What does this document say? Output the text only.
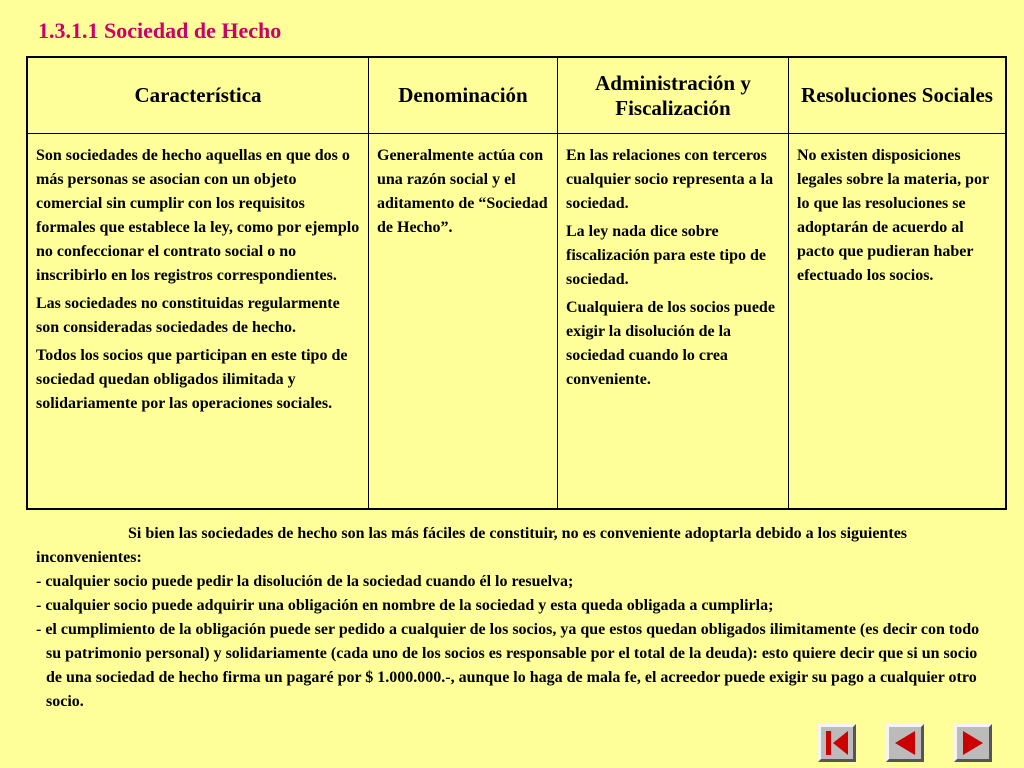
1.3.1.1 Sociedad de Hecho
Característica	Denominación
Administración y Fiscalización
Resoluciones Sociales

Son sociedades de hecho aquellas en que dos o más personas se asocian con un objeto comercial sin cumplir con los requisitos formales que establece la ley, como por ejemplo no confeccionar el contrato social o no inscribirlo en los registros correspondientes.

Las sociedades no constituidas regularmente son consideradas sociedades de hecho.

Todos los socios que participan en este tipo de sociedad quedan obligados ilimitada y solidariamente por las operaciones sociales.

Generalmente actúa con una razón social y el aditamento de “Sociedad de Hecho”.

En las relaciones con terceros cualquier socio representa a la sociedad.

La ley nada dice sobre fiscalización para este tipo de sociedad.

Cualquiera de los socios puede exigir la disolución de la sociedad cuando lo crea conveniente.

No existen disposiciones legales sobre la materia, por lo que las resoluciones se adoptarán de acuerdo al pacto que pudieran haber efectuado los socios.

Si bien las sociedades de hecho son las más fáciles de constituir, no es conveniente adoptarla debido a los siguientes inconvenientes:

- cualquier socio puede pedir la disolución de la sociedad cuando él lo resuelva;

- cualquier socio puede adquirir una obligación en nombre de la sociedad y esta queda obligada a cumplirla;

- el cumplimiento de la obligación puede ser pedido a cualquier de los socios, ya que estos quedan obligados ilimitamente (es decir con todo su patrimonio personal) y solidariamente (cada uno de los socios es responsable por el total de la deuda): esto quiere decir que si un socio de una sociedad de hecho firma un pagaré por $ 1.000.000.-, aunque lo haga de mala fe, el acreedor puede exigir su pago a cualquier otro socio.
